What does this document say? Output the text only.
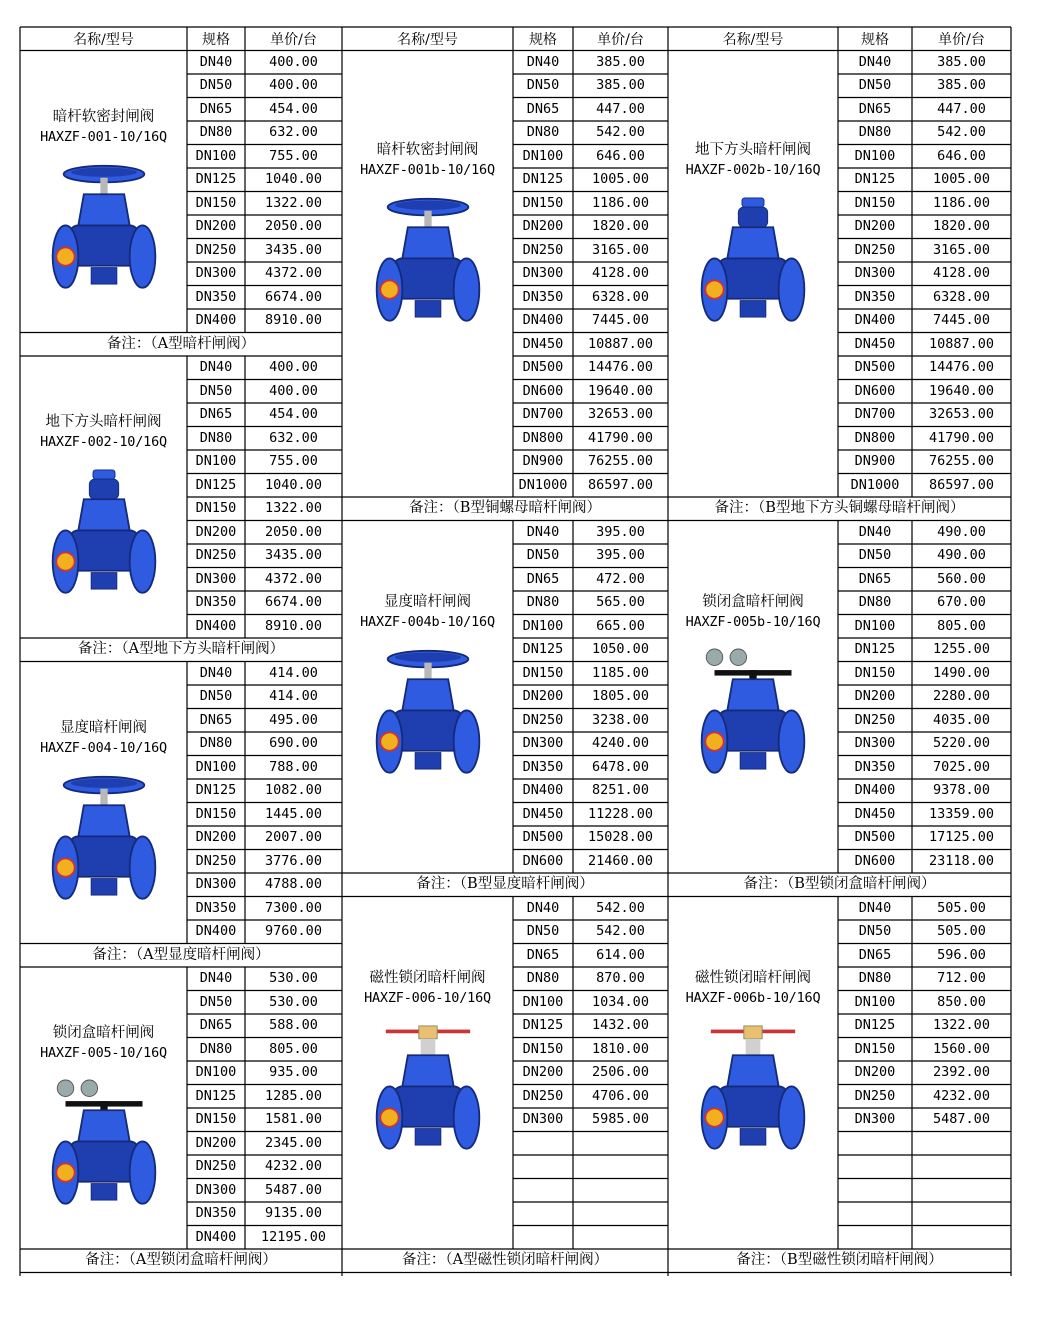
名称/型号	规格	单价/台
DN40	400.00
DN50	400.00
DN65	454.00
DN80	632.00
DN100	755.00
DN125	1040.00
DN150	1322.00
DN200	2050.00
DN250	3435.00
DN300	4372.00
DN350	6674.00
DN400	8910.00
暗杆软密封闸阀
HAXZF-001-10/16Q
备注：（A型暗杆闸阀）
DN40	400.00
DN50	400.00
DN65	454.00
DN80	632.00
DN100	755.00
DN125	1040.00
DN150	1322.00
DN200	2050.00
DN250	3435.00
DN300	4372.00
DN350	6674.00
DN400	8910.00
地下方头暗杆闸阀
HAXZF-002-10/16Q
备注：（A型地下方头暗杆闸阀）
DN40	414.00
DN50	414.00
DN65	495.00
DN80	690.00
DN100	788.00
DN125	1082.00
DN150	1445.00
DN200	2007.00
DN250	3776.00
DN300	4788.00
DN350	7300.00
DN400	9760.00
显度暗杆闸阀
HAXZF-004-10/16Q
备注：（A型显度暗杆闸阀）
DN40	530.00
DN50	530.00
DN65	588.00
DN80	805.00
DN100	935.00
DN125	1285.00
DN150	1581.00
DN200	2345.00
DN250	4232.00
DN300	5487.00
DN350	9135.00
DN400	12195.00
锁闭盒暗杆闸阀
HAXZF-005-10/16Q
备注：（A型锁闭盒暗杆闸阀）
名称/型号	规格	单价/台
DN40	385.00
DN50	385.00
DN65	447.00
DN80	542.00
DN100	646.00
DN125	1005.00
DN150	1186.00
DN200	1820.00
DN250	3165.00
DN300	4128.00
DN350	6328.00
DN400	7445.00
DN450	10887.00
DN500	14476.00
DN600	19640.00
DN700	32653.00
DN800	41790.00
DN900	76255.00
DN1000	86597.00
暗杆软密封闸阀
HAXZF-001b-10/16Q
备注：（B型铜螺母暗杆闸阀）
DN40	395.00
DN50	395.00
DN65	472.00
DN80	565.00
DN100	665.00
DN125	1050.00
DN150	1185.00
DN200	1805.00
DN250	3238.00
DN300	4240.00
DN350	6478.00
DN400	8251.00
DN450	11228.00
DN500	15028.00
DN600	21460.00
显度暗杆闸阀
HAXZF-004b-10/16Q
备注：（B型显度暗杆闸阀）
DN40	542.00
DN50	542.00
DN65	614.00
DN80	870.00
DN100	1034.00
DN125	1432.00
DN150	1810.00
DN200	2506.00
DN250	4706.00
DN300	5985.00
磁性锁闭暗杆闸阀
HAXZF-006-10/16Q
备注：（A型磁性锁闭暗杆闸阀）
名称/型号	规格	单价/台
DN40	385.00
DN50	385.00
DN65	447.00
DN80	542.00
DN100	646.00
DN125	1005.00
DN150	1186.00
DN200	1820.00
DN250	3165.00
DN300	4128.00
DN350	6328.00
DN400	7445.00
DN450	10887.00
DN500	14476.00
DN600	19640.00
DN700	32653.00
DN800	41790.00
DN900	76255.00
DN1000	86597.00
地下方头暗杆闸阀
HAXZF-002b-10/16Q
备注：（B型地下方头铜螺母暗杆闸阀）
DN40	490.00
DN50	490.00
DN65	560.00
DN80	670.00
DN100	805.00
DN125	1255.00
DN150	1490.00
DN200	2280.00
DN250	4035.00
DN300	5220.00
DN350	7025.00
DN400	9378.00
DN450	13359.00
DN500	17125.00
DN600	23118.00
锁闭盒暗杆闸阀
HAXZF-005b-10/16Q
备注：（B型锁闭盒暗杆闸阀）
DN40	505.00
DN50	505.00
DN65	596.00
DN80	712.00
DN100	850.00
DN125	1322.00
DN150	1560.00
DN200	2392.00
DN250	4232.00
DN300	5487.00
磁性锁闭暗杆闸阀
HAXZF-006b-10/16Q
备注：（B型磁性锁闭暗杆闸阀）
